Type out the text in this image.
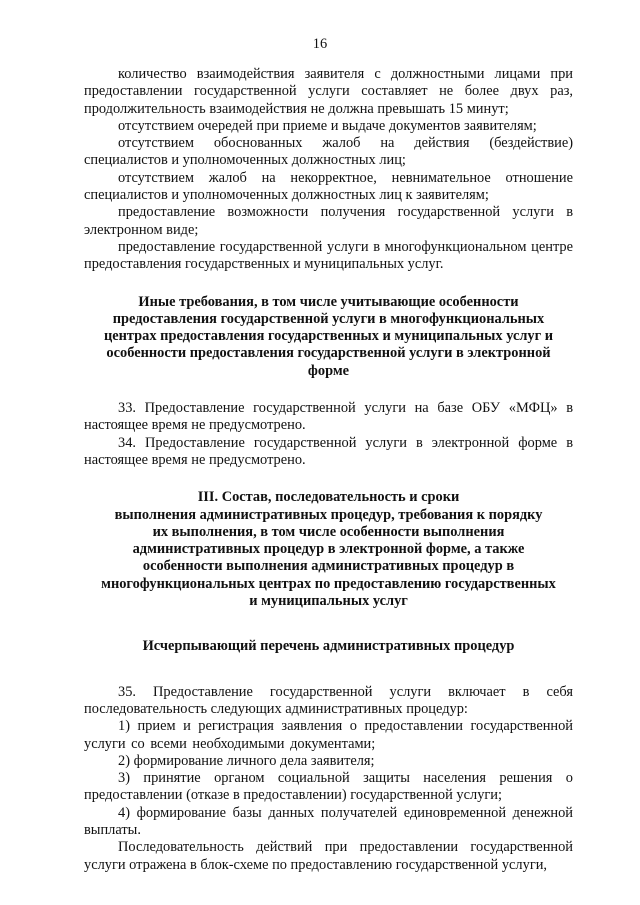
16

количество взаимодействия заявителя с должностными лицами при предоставлении государственной услуги составляет не более двух раз, продолжительность взаимодействия не должна превышать 15 минут;

отсутствием очередей при приеме и выдаче документов заявителям;

отсутствием обоснованных жалоб на действия (бездействие) специалистов и уполномоченных должностных лиц;

отсутствием жалоб на некорректное, невнимательное отношение специалистов и уполномоченных должностных лиц к заявителям;

предоставление возможности получения государственной услуги в электронном виде;

предоставление государственной услуги в многофункциональном центре предоставления государственных и муниципальных услуг.

Иные требования, в том числе учитывающие особенности

предоставления государственной услуги в многофункциональных

центрах предоставления государственных и муниципальных услуг и

особенности предоставления государственной услуги в электронной

форме

33. Предоставление государственной услуги на базе ОБУ «МФЦ» в настоящее время не предусмотрено.

34. Предоставление государственной услуги в электронной форме в настоящее время не предусмотрено.

III. Состав, последовательность и сроки

выполнения административных процедур, требования к порядку

их выполнения, в том числе особенности выполнения

административных процедур в электронной форме, а также

особенности выполнения административных процедур в

многофункциональных центрах по предоставлению государственных

и муниципальных услуг

Исчерпывающий перечень административных процедур

35. Предоставление государственной услуги включает в себя последовательность следующих административных процедур:

1) прием и регистрация заявления о предоставлении государственной услуги со всеми необходимыми документами;

2) формирование личного дела заявителя;

3) принятие органом социальной защиты населения решения о предоставлении (отказе в предоставлении) государственной услуги;

4) формирование базы данных получателей единовременной денежной выплаты.

Последовательность действий при предоставлении государственной услуги отражена в блок-схеме по предоставлению государственной услуги,
